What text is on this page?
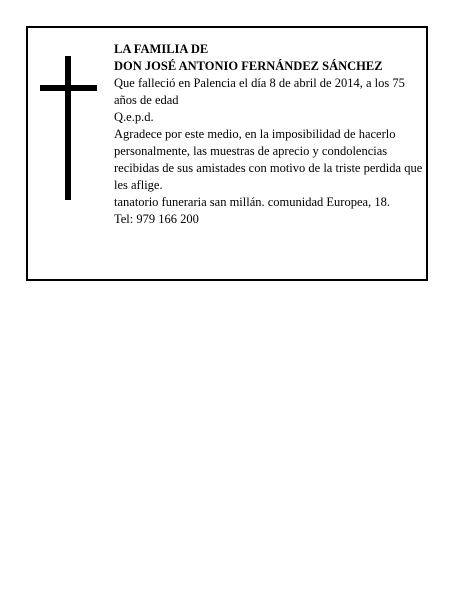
LA FAMILIA DE
DON JOSÉ ANTONIO FERNÁNDEZ SÁNCHEZ
Que falleció en Palencia el día 8 de abril de 2014, a los 75 años de edad
Q.e.p.d.
Agradece por este medio, en la imposibilidad de hacerlo personalmente, las muestras de aprecio y condolencias recibidas de sus amistades con motivo de la triste perdida que les aflige.
tanatorio funeraria san millán. comunidad Europea, 18.
Tel: 979 166 200
